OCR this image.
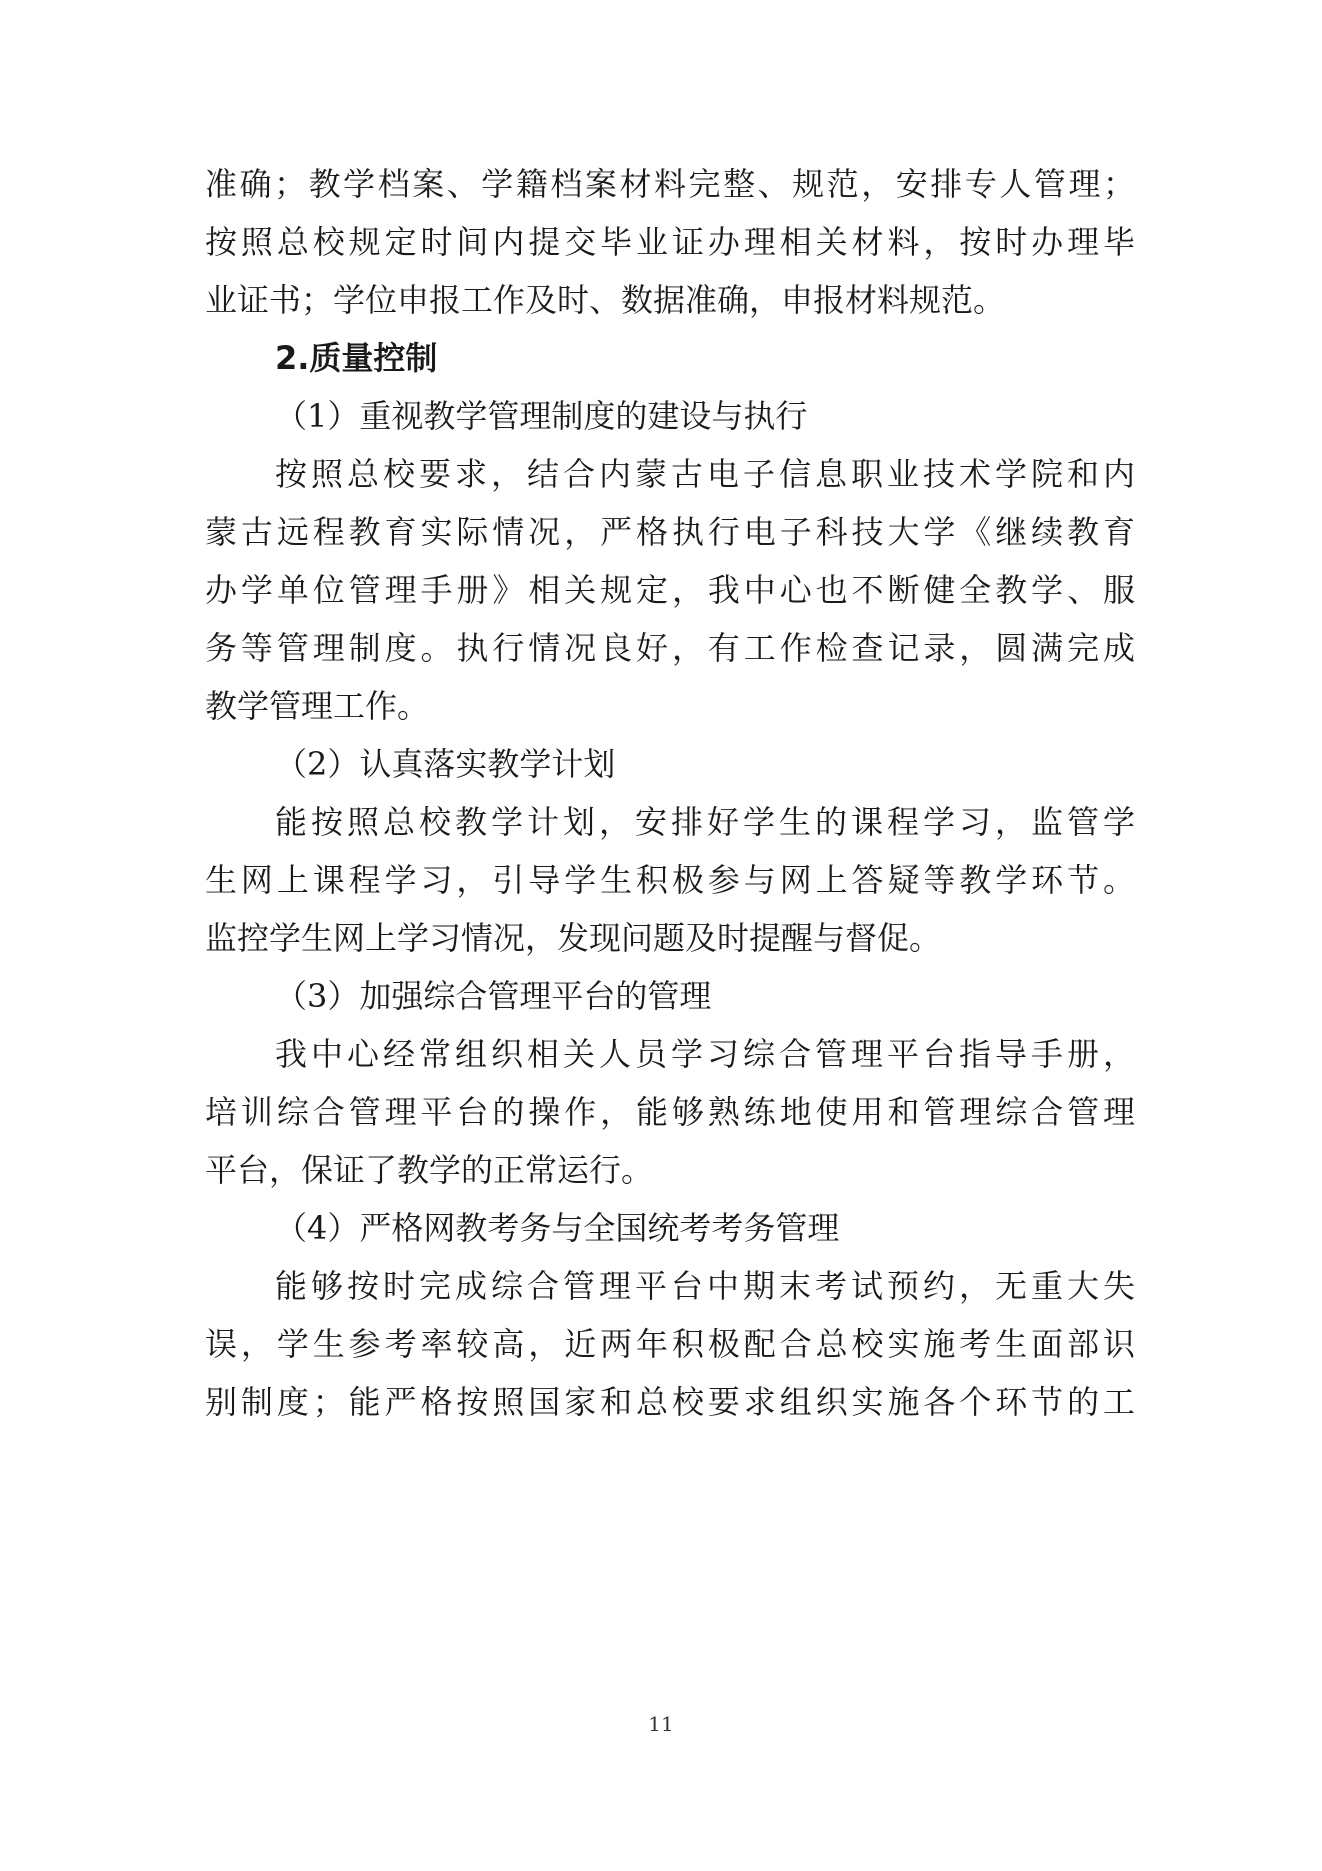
准确；教学档案、学籍档案材料完整、规范，安排专人管理；
按照总校规定时间内提交毕业证办理相关材料，按时办理毕
业证书；学位申报工作及时、数据准确，申报材料规范。
2.质量控制
（1）重视教学管理制度的建设与执行
按照总校要求，结合内蒙古电子信息职业技术学院和内
蒙古远程教育实际情况，严格执行电子科技大学《继续教育
办学单位管理手册》相关规定，我中心也不断健全教学、服
务等管理制度。执行情况良好，有工作检查记录，圆满完成
教学管理工作。
（2）认真落实教学计划
能按照总校教学计划，安排好学生的课程学习，监管学
生网上课程学习，引导学生积极参与网上答疑等教学环节。
监控学生网上学习情况，发现问题及时提醒与督促。
（3）加强综合管理平台的管理
我中心经常组织相关人员学习综合管理平台指导手册，
培训综合管理平台的操作，能够熟练地使用和管理综合管理
平台，保证了教学的正常运行。
（4）严格网教考务与全国统考考务管理
能够按时完成综合管理平台中期末考试预约，无重大失
误，学生参考率较高，近两年积极配合总校实施考生面部识
别制度；能严格按照国家和总校要求组织实施各个环节的工
11
